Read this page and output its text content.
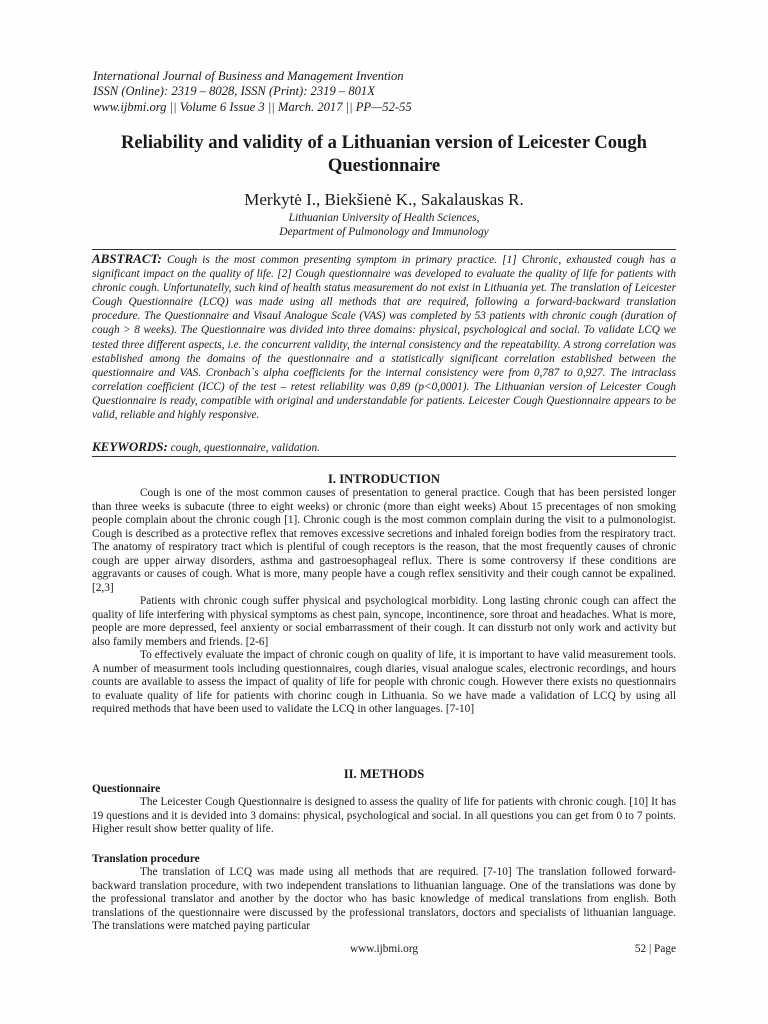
International Journal of Business and Management Invention
ISSN (Online): 2319 – 8028, ISSN (Print): 2319 – 801X
www.ijbmi.org || Volume 6 Issue 3 || March. 2017 || PP—52-55
Reliability and validity of a Lithuanian version of Leicester Cough Questionnaire
Merkytė I., Biekšienė K., Sakalauskas R.
Lithuanian University of Health Sciences,
Department of Pulmonology and Immunology
ABSTRACT: Cough is the most common presenting symptom in primary practice. [1] Chronic, exhausted cough has a significant impact on the quality of life. [2] Cough questionnaire was developed to evaluate the quality of life for patients with chronic cough. Unfortunatelly, such kind of health status measurement do not exist in Lithuania yet. The translation of Leicester Cough Questionnaire (LCQ) was made using all methods that are required, following a forward-backward translation procedure. The Questionnaire and Visaul Analogue Scale (VAS) was completed by 53 patients with chronic cough (duration of cough > 8 weeks). The Questionnaire was divided into three domains: physical, psychological and social. To validate LCQ we tested three different aspects, i.e. the concurrent validity, the internal consistency and the repeatability. A strong correlation was established among the domains of the questionnaire and a statistically significant correlation established between the questionnaire and VAS. Cronbach`s alpha coefficients for the internal consistency were from 0,787 to 0,927. The intraclass correlation coefficient (ICC) of the test – retest reliability was 0,89 (p<0,0001). The Lithuanian version of Leicester Cough Questionnaire is ready, compatible with original and understandable for patients. Leicester Cough Questionnaire appears to be valid, reliable and highly responsive.
KEYWORDS: cough, questionnaire, validation.
I. INTRODUCTION

Cough is one of the most common causes of presentation to general practice. Cough that has been persisted longer than three weeks is subacute (three to eight weeks) or chronic (more than eight weeks) About 15 precentages of non smoking people complain about the chronic cough [1]. Chronic cough is the most common complain during the visit to a pulmonologist. Cough is described as a protective reflex that removes excessive secretions and inhaled foreign bodies from the respiratory tract. The anatomy of respiratory tract which is plentiful of cough receptors is the reason, that the most frequently causes of chronic cough are upper airway disorders, asthma and gastroesophageal reflux. There is some controversy if these conditions are aggravants or causes of cough. What is more, many people have a cough reflex sensitivity and their cough cannot be expalined. [2,3]

Patients with chronic cough suffer physical and psychological morbidity. Long lasting chronic cough can affect the quality of life interfering with physical symptoms as chest pain, syncope, incontinence, sore throat and headaches. What is more, people are more depressed, feel anxienty or social embarrassment of their cough. It can dissturb not only work and activity but also family members and friends. [2-6]

To effectively evaluate the impact of chronic cough on quality of life, it is important to have valid measurement tools. A number of measurment tools including questionnaires, cough diaries, visual analogue scales, electronic recordings, and hours counts are available to assess the impact of quality of life for people with chronic cough. However there exists no questionnairs to evaluate quality of life for patients with chorinc cough in Lithuania. So we have made a validation of LCQ by using all required methods that have been used to validate the LCQ in other languages. [7-10]

II. METHODS
Questionnaire

The Leicester Cough Questionnaire is designed to assess the quality of life for patients with chronic cough. [10] It has 19 questions and it is devided into 3 domains: physical, psychological and social. In all questions you can get from 0 to 7 points. Higher result show better quality of life.

Translation procedure

The translation of LCQ was made using all methods that are required. [7-10] The translation followed forward-backward translation procedure, with two independent translations to lithuanian language. One of the translations was done by the professional translator and another by the doctor who has basic knowledge of medical translations from english. Both translations of the questionnaire were discussed by the professional translators, doctors and specialists of lithuanian language. The translations were matched paying particular

www.ijbmi.org	52 | Page
